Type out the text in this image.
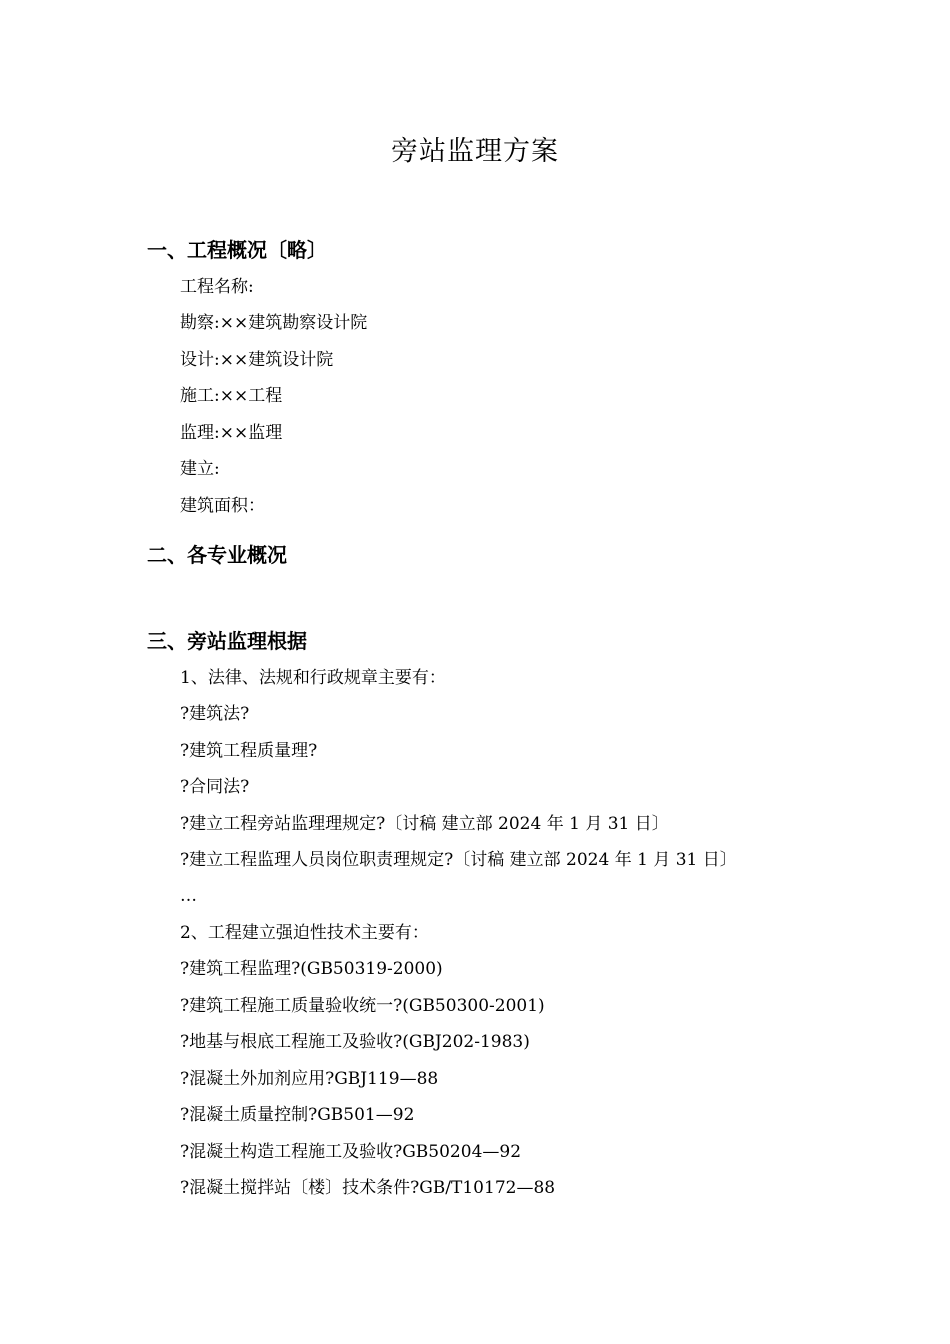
旁站监理方案
一、工程概况〔略〕
工程名称:
勘察:××建筑勘察设计院
设计:××建筑设计院
施工:××工程
监理:××监理
建立:
建筑面积：
二、各专业概况
三、旁站监理根据
1、法律、法规和行政规章主要有：
?建筑法?
?建筑工程质量理?
?合同法?
?建立工程旁站监理理规定?〔讨稿 建立部 2024 年 1 月 31 日〕
?建立工程监理人员岗位职责理规定?〔讨稿 建立部 2024 年 1 月 31 日〕
…
2、工程建立强迫性技术主要有：
?建筑工程监理?(GB50319-2000)
?建筑工程施工质量验收统一?(GB50300-2001)
?地基与根底工程施工及验收?(GBJ202-1983)
?混凝土外加剂应用?GBJ119—88
?混凝土质量控制?GB501—92
?混凝土构造工程施工及验收?GB50204—92
?混凝土搅拌站〔楼〕技术条件?GB/T10172—88
